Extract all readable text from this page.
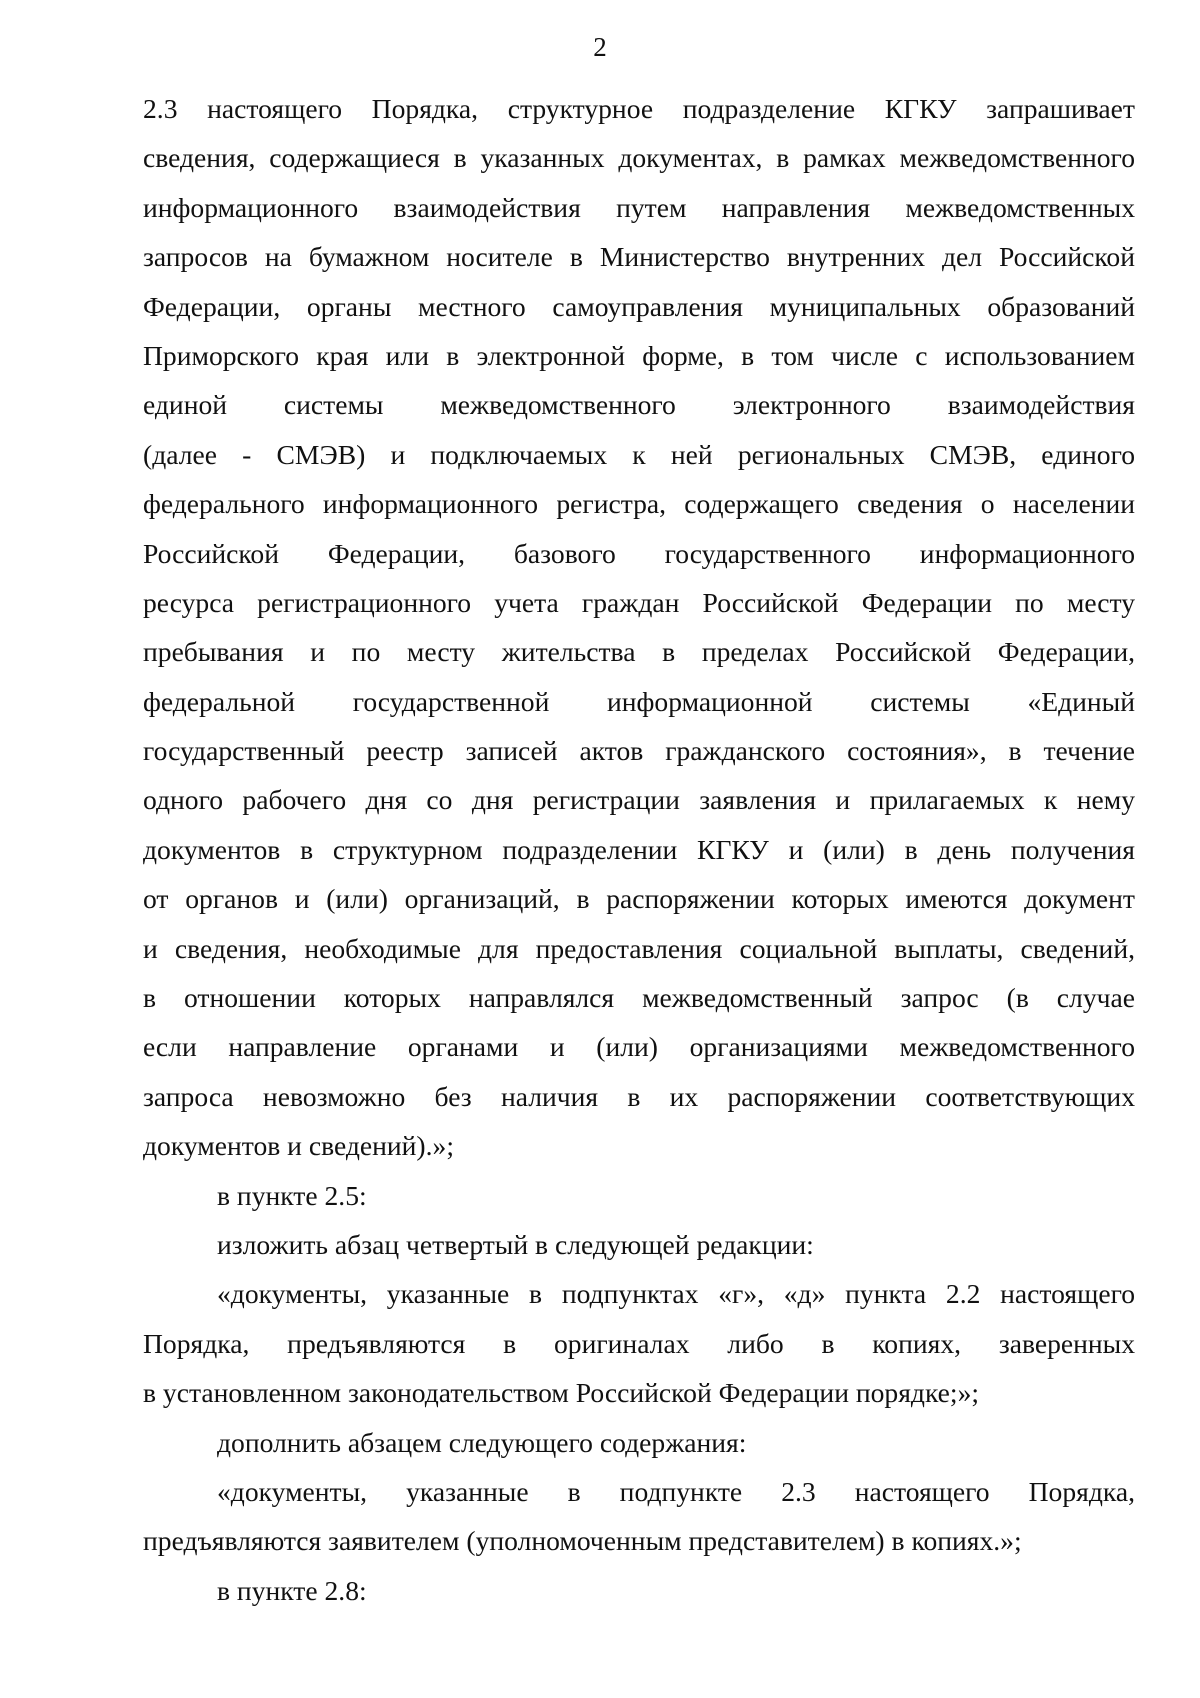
2
2.3 настоящего Порядка, структурное подразделение КГКУ запрашивает
сведения, содержащиеся в указанных документах, в рамках межведомственного
информационного взаимодействия путем направления межведомственных
запросов на бумажном носителе в Министерство внутренних дел Российской
Федерации, органы местного самоуправления муниципальных образований
Приморского края или в электронной форме, в том числе с использованием
единой системы межведомственного электронного взаимодействия
(далее - СМЭВ) и подключаемых к ней региональных СМЭВ, единого
федерального информационного регистра, содержащего сведения о населении
Российской Федерации, базового государственного информационного
ресурса регистрационного учета граждан Российской Федерации по месту
пребывания и по месту жительства в пределах Российской Федерации,
федеральной государственной информационной системы «Единый
государственный реестр записей актов гражданского состояния», в течение
одного рабочего дня со дня регистрации заявления и прилагаемых к нему
документов в структурном подразделении КГКУ и (или) в день получения
от органов и (или) организаций, в распоряжении которых имеются документ
и сведения, необходимые для предоставления социальной выплаты, сведений,
в отношении которых направлялся межведомственный запрос (в случае
если направление органами и (или) организациями межведомственного
запроса невозможно без наличия в их распоряжении соответствующих
документов и сведений).»;
в пункте 2.5:
изложить абзац четвертый в следующей редакции:
«документы, указанные в подпунктах «г», «д» пункта 2.2 настоящего
Порядка, предъявляются в оригиналах либо в копиях, заверенных
в установленном законодательством Российской Федерации порядке;»;
дополнить абзацем следующего содержания:
«документы, указанные в подпункте 2.3 настоящего Порядка,
предъявляются заявителем (уполномоченным представителем) в копиях.»;
в пункте 2.8:
